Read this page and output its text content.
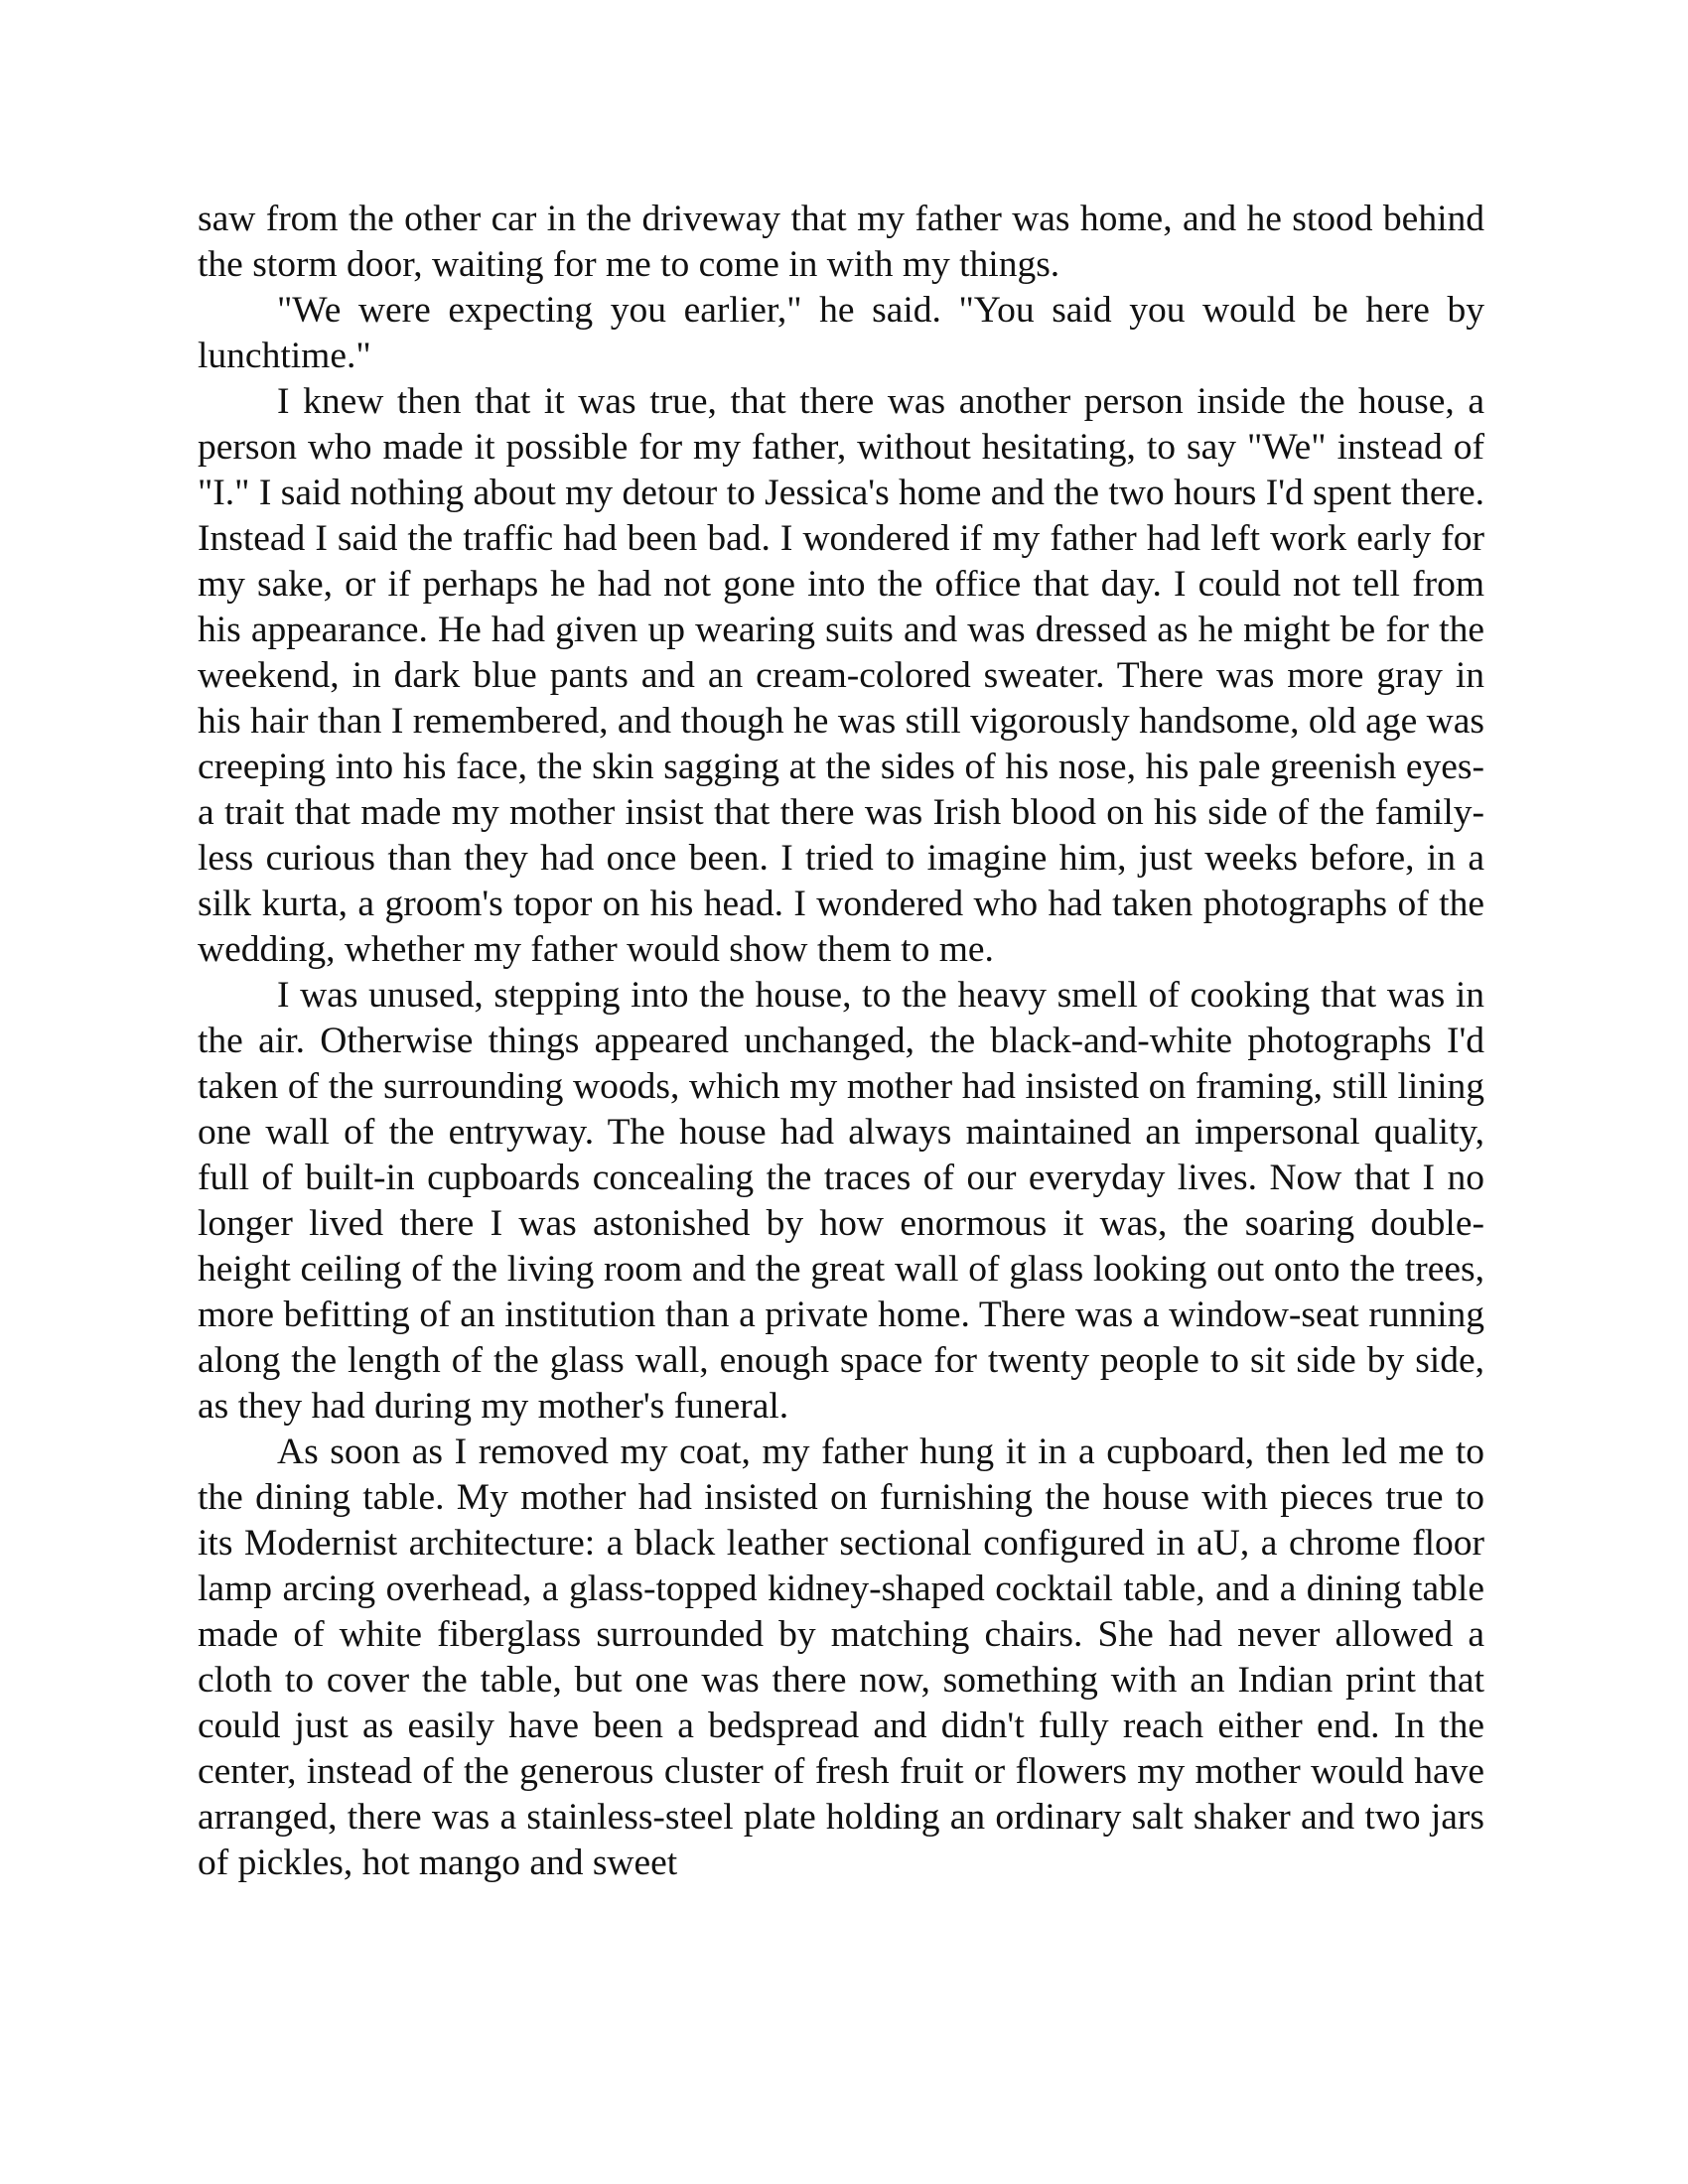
saw from the other car in the driveway that my father was home, and he stood behind the storm door, waiting for me to come in with my things.

"We were expecting you earlier," he said. "You said you would be here by lunchtime."

I knew then that it was true, that there was another person inside the house, a person who made it possible for my father, without hesitating, to say "We" instead of "I." I said nothing about my detour to Jessica's home and the two hours I'd spent there. Instead I said the traffic had been bad. I wondered if my father had left work early for my sake, or if perhaps he had not gone into the office that day. I could not tell from his appearance. He had given up wearing suits and was dressed as he might be for the weekend, in dark blue pants and an cream-colored sweater. There was more gray in his hair than I remembered, and though he was still vigorously handsome, old age was creeping into his face, the skin sagging at the sides of his nose, his pale greenish eyes-a trait that made my mother insist that there was Irish blood on his side of the family-less curious than they had once been. I tried to imagine him, just weeks before, in a silk kurta, a groom's topor on his head. I wondered who had taken photographs of the wedding, whether my father would show them to me.

I was unused, stepping into the house, to the heavy smell of cooking that was in the air. Otherwise things appeared unchanged, the black-and-white photographs I'd taken of the surrounding woods, which my mother had insisted on framing, still lining one wall of the entryway. The house had always maintained an impersonal quality, full of built-in cupboards concealing the traces of our everyday lives. Now that I no longer lived there I was astonished by how enormous it was, the soaring double-height ceiling of the living room and the great wall of glass looking out onto the trees, more befitting of an institution than a private home. There was a window-seat running along the length of the glass wall, enough space for twenty people to sit side by side, as they had during my mother's funeral.

As soon as I removed my coat, my father hung it in a cupboard, then led me to the dining table. My mother had insisted on furnishing the house with pieces true to its Modernist architecture: a black leather sectional configured in aU, a chrome floor lamp arcing overhead, a glass-topped kidney-shaped cocktail table, and a dining table made of white fiberglass surrounded by matching chairs. She had never allowed a cloth to cover the table, but one was there now, something with an Indian print that could just as easily have been a bedspread and didn't fully reach either end. In the center, instead of the generous cluster of fresh fruit or flowers my mother would have arranged, there was a stainless-steel plate holding an ordinary salt shaker and two jars of pickles, hot mango and sweet
